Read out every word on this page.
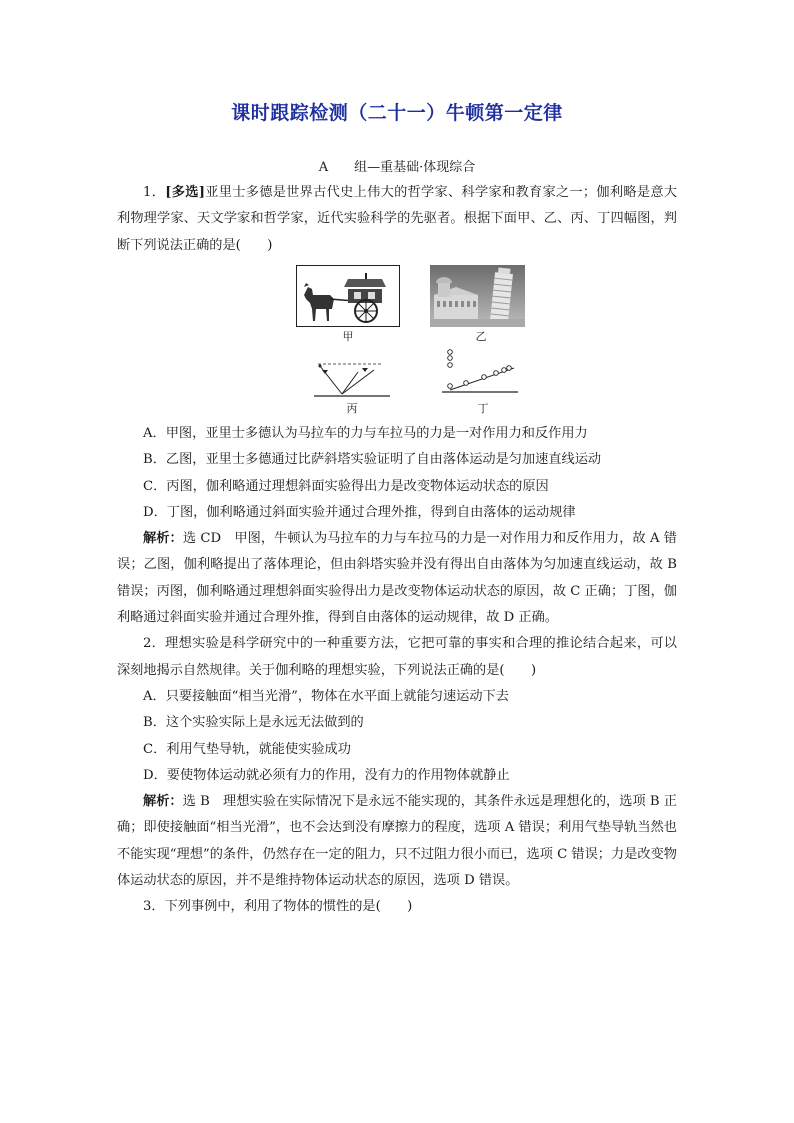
课时跟踪检测（二十一）牛顿第一定律
A 组—重基础·体现综合

1．[多选]亚里士多德是世界古代史上伟大的哲学家、科学家和教育家之一；伽利略是意大利物理学家、天文学家和哲学家，近代实验科学的先驱者。根据下面甲、乙、丙、丁四幅图，判断下列说法正确的是(　　)

甲	乙
丙	丁

A．甲图，亚里士多德认为马拉车的力与车拉马的力是一对作用力和反作用力

B．乙图，亚里士多德通过比萨斜塔实验证明了自由落体运动是匀加速直线运动

C．丙图，伽利略通过理想斜面实验得出力是改变物体运动状态的原因

D．丁图，伽利略通过斜面实验并通过合理外推，得到自由落体的运动规律

解析：选 CD　甲图，牛顿认为马拉车的力与车拉马的力是一对作用力和反作用力，故 A 错误；乙图，伽利略提出了落体理论，但由斜塔实验并没有得出自由落体为匀加速直线运动，故 B 错误；丙图，伽利略通过理想斜面实验得出力是改变物体运动状态的原因，故 C 正确；丁图，伽利略通过斜面实验并通过合理外推，得到自由落体的运动规律，故 D 正确。

2．理想实验是科学研究中的一种重要方法，它把可靠的事实和合理的推论结合起来，可以深刻地揭示自然规律。关于伽利略的理想实验，下列说法正确的是(　　)

A．只要接触面“相当光滑”，物体在水平面上就能匀速运动下去

B．这个实验实际上是永远无法做到的

C．利用气垫导轨，就能使实验成功

D．要使物体运动就必须有力的作用，没有力的作用物体就静止

解析：选 B　理想实验在实际情况下是永远不能实现的，其条件永远是理想化的，选项 B 正确；即使接触面“相当光滑”，也不会达到没有摩擦力的程度，选项 A 错误；利用气垫导轨当然也不能实现“理想”的条件，仍然存在一定的阻力，只不过阻力很小而已，选项 C 错误；力是改变物体运动状态的原因，并不是维持物体运动状态的原因，选项 D 错误。

3．下列事例中，利用了物体的惯性的是(　　)
